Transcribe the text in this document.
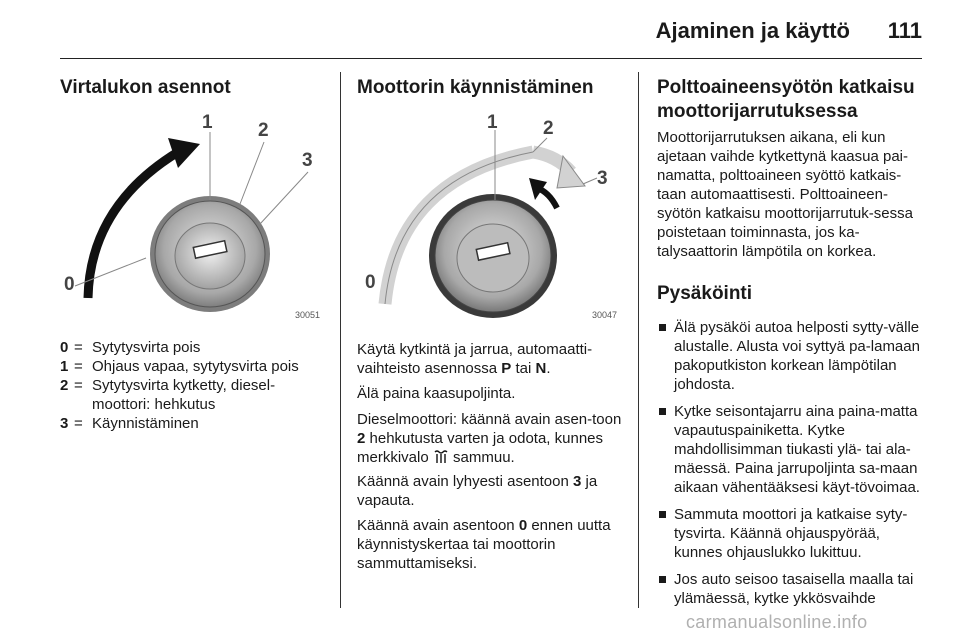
Ajaminen ja käyttö	111
Virtalukon asennot
0
1 2
3
30051
0 = Sytytysvirta pois
1 = Ohjaus vapaa, sytytysvirta pois
2 = Sytytysvirta kytketty, diesel-moottori: hehkutus
3 = Käynnistäminen
Moottorin käynnistäminen
0
1 2
3
30047

Käytä kytkintä ja jarrua, automaatti-vaihteisto asennossa P tai N.

Älä paina kaasupoljinta.

Dieselmoottori: käännä avain asen-toon 2 hehkutusta varten ja odota, kunnes merkkivalo  sammuu.

Käännä avain lyhyesti asentoon 3 ja vapauta.

Käännä avain asentoon 0 ennen uutta käynnistyskertaa tai moottorin sammuttamiseksi.

Polttoaineensyötön katkaisu moottorijarrutuksessa

Moottorijarrutuksen aikana, eli kun ajetaan vaihde kytkettynä kaasua pai-namatta, polttoaineen syöttö katkais-taan automaattisesti. Polttoaineen-syötön katkaisu moottorijarrutuk-sessa poistetaan toiminnasta, jos ka-talysaattorin lämpötila on korkea.

Pysäköinti
Älä pysäköi autoa helposti sytty-välle alustalle. Alusta voi syttyä pa-lamaan pakoputkiston korkean lämpötilan johdosta.
Kytke seisontajarru aina paina-matta vapautuspainiketta. Kytke mahdollisimman tiukasti ylä- tai ala-mäessä. Paina jarrupoljinta sa-maan aikaan vähentääksesi käyt-tövoimaa.
Sammuta moottori ja katkaise syty-tysvirta. Käännä ohjauspyörää, kunnes ohjauslukko lukittuu.
Jos auto seisoo tasaisella maalla tai ylämäessä, kytke ykkösvaihde
carmanualsonline.info
